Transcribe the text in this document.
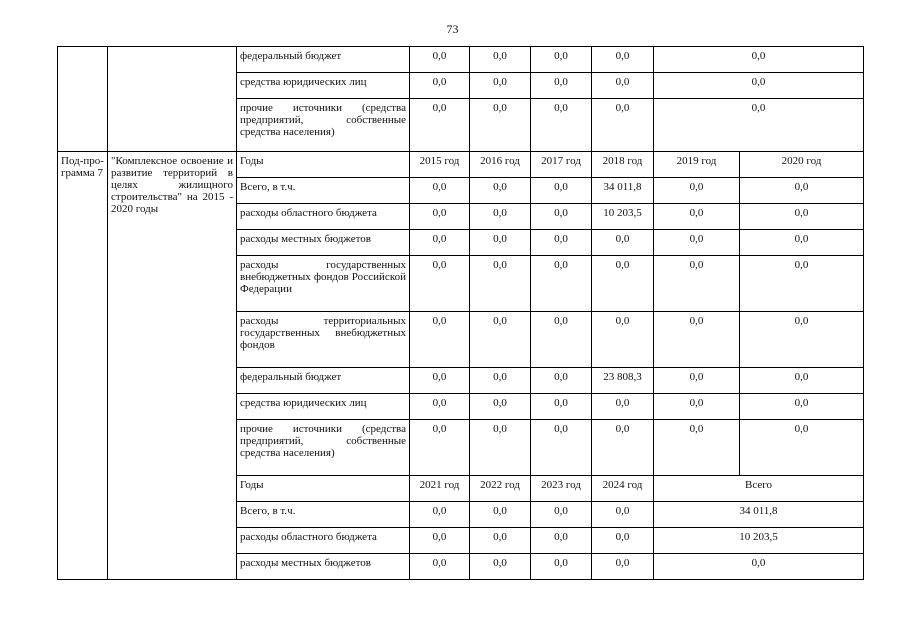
73
		федеральный бюджет	0,0	0,0	0,0	0,0	0,0	
		средства юридических лиц	0,0	0,0	0,0	0,0	0,0	
		прочие источники (средства предприятий, собственные средства населения)	0,0	0,0	0,0	0,0	0,0	
Под-про-грамма 7	"Комплексное освоение и развитие территорий в целях жилищного строительства" на 2015 - 2020 годы	Годы	2015 год	2016 год	2017 год	2018 год	2019 год	2020 год
		Всего, в т.ч.	0,0	0,0	0,0	34 011,8	0,0	0,0
		расходы областного бюджета	0,0	0,0	0,0	10 203,5	0,0	0,0
		расходы местных бюджетов	0,0	0,0	0,0	0,0	0,0	0,0
		расходы государственных внебюджетных фондов Российской Федерации	0,0	0,0	0,0	0,0	0,0	0,0
		расходы территориальных государственных внебюджетных фондов	0,0	0,0	0,0	0,0	0,0	0,0
		федеральный бюджет	0,0	0,0	0,0	23 808,3	0,0	0,0
		средства юридических лиц	0,0	0,0	0,0	0,0	0,0	0,0
		прочие источники (средства предприятий, собственные средства населения)	0,0	0,0	0,0	0,0	0,0	0,0
		Годы	2021 год	2022 год	2023 год	2024 год	Всего	
		Всего, в т.ч.	0,0	0,0	0,0	0,0	34 011,8	
		расходы областного бюджета	0,0	0,0	0,0	0,0	10 203,5	
		расходы местных бюджетов	0,0	0,0	0,0	0,0	0,0	
